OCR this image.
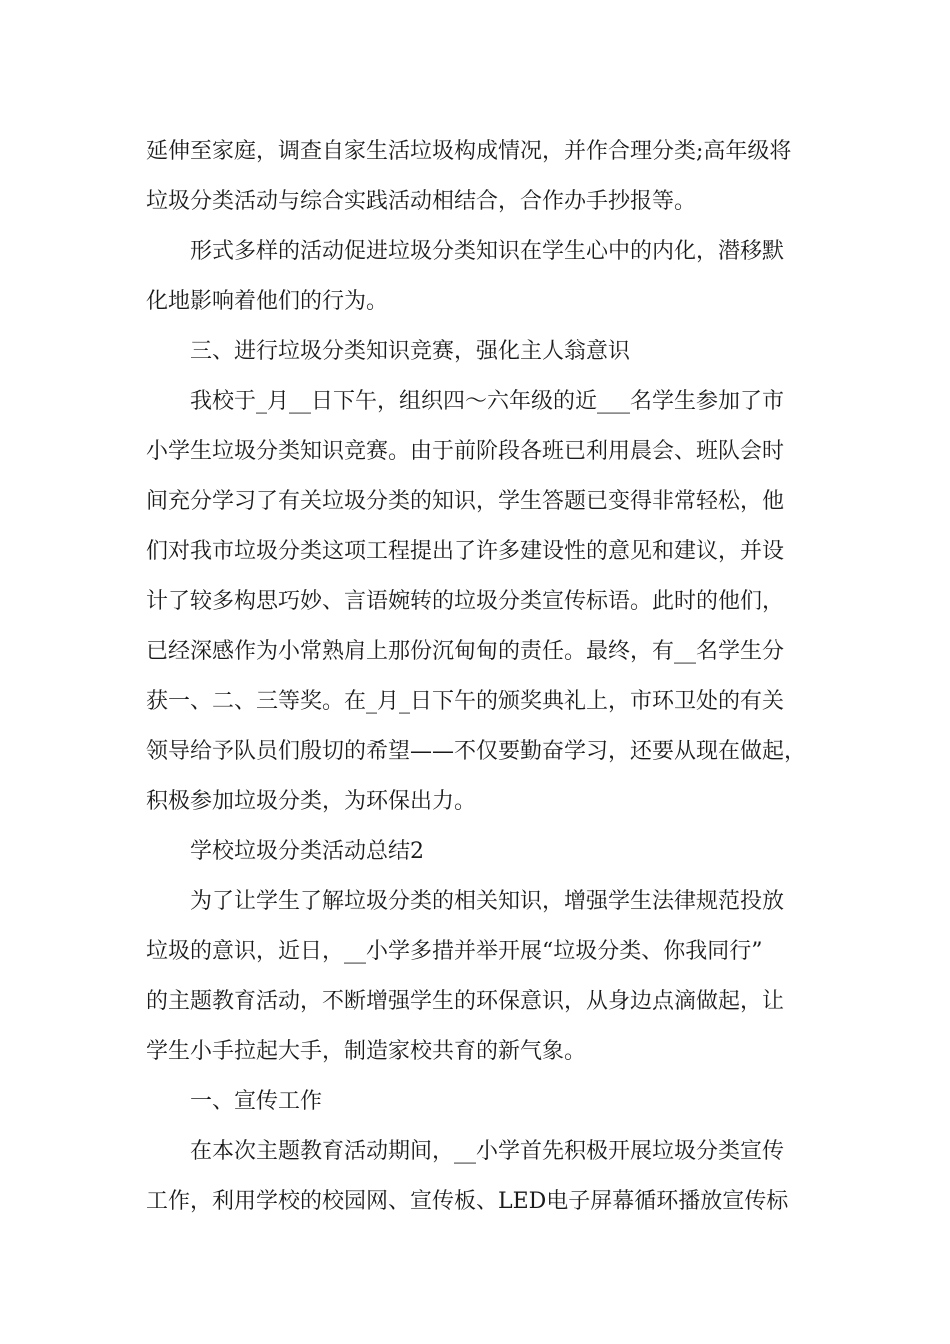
延伸至家庭，调查自家生活垃圾构成情况，并作合理分类;高年级将
垃圾分类活动与综合实践活动相结合，合作办手抄报等。
形式多样的活动促进垃圾分类知识在学生心中的内化，潜移默
化地影响着他们的行为。
三、进行垃圾分类知识竞赛，强化主人翁意识
我校于_月__日下午，组织四～六年级的近___名学生参加了市
小学生垃圾分类知识竞赛。由于前阶段各班已利用晨会、班队会时
间充分学习了有关垃圾分类的知识，学生答题已变得非常轻松，他
们对我市垃圾分类这项工程提出了许多建设性的意见和建议，并设
计了较多构思巧妙、言语婉转的垃圾分类宣传标语。此时的他们，
已经深感作为小常熟肩上那份沉甸甸的责任。最终，有__名学生分
获一、二、三等奖。在_月_日下午的颁奖典礼上，市环卫处的有关
领导给予队员们殷切的希望——不仅要勤奋学习，还要从现在做起，
积极参加垃圾分类，为环保出力。
学校垃圾分类活动总结2
为了让学生了解垃圾分类的相关知识，增强学生法律规范投放
垃圾的意识，近日，__小学多措并举开展“垃圾分类、你我同行”
的主题教育活动，不断增强学生的环保意识，从身边点滴做起，让
学生小手拉起大手，制造家校共育的新气象。
一、宣传工作
在本次主题教育活动期间，__小学首先积极开展垃圾分类宣传
工作，利用学校的校园网、宣传板、LED电子屏幕循环播放宣传标
